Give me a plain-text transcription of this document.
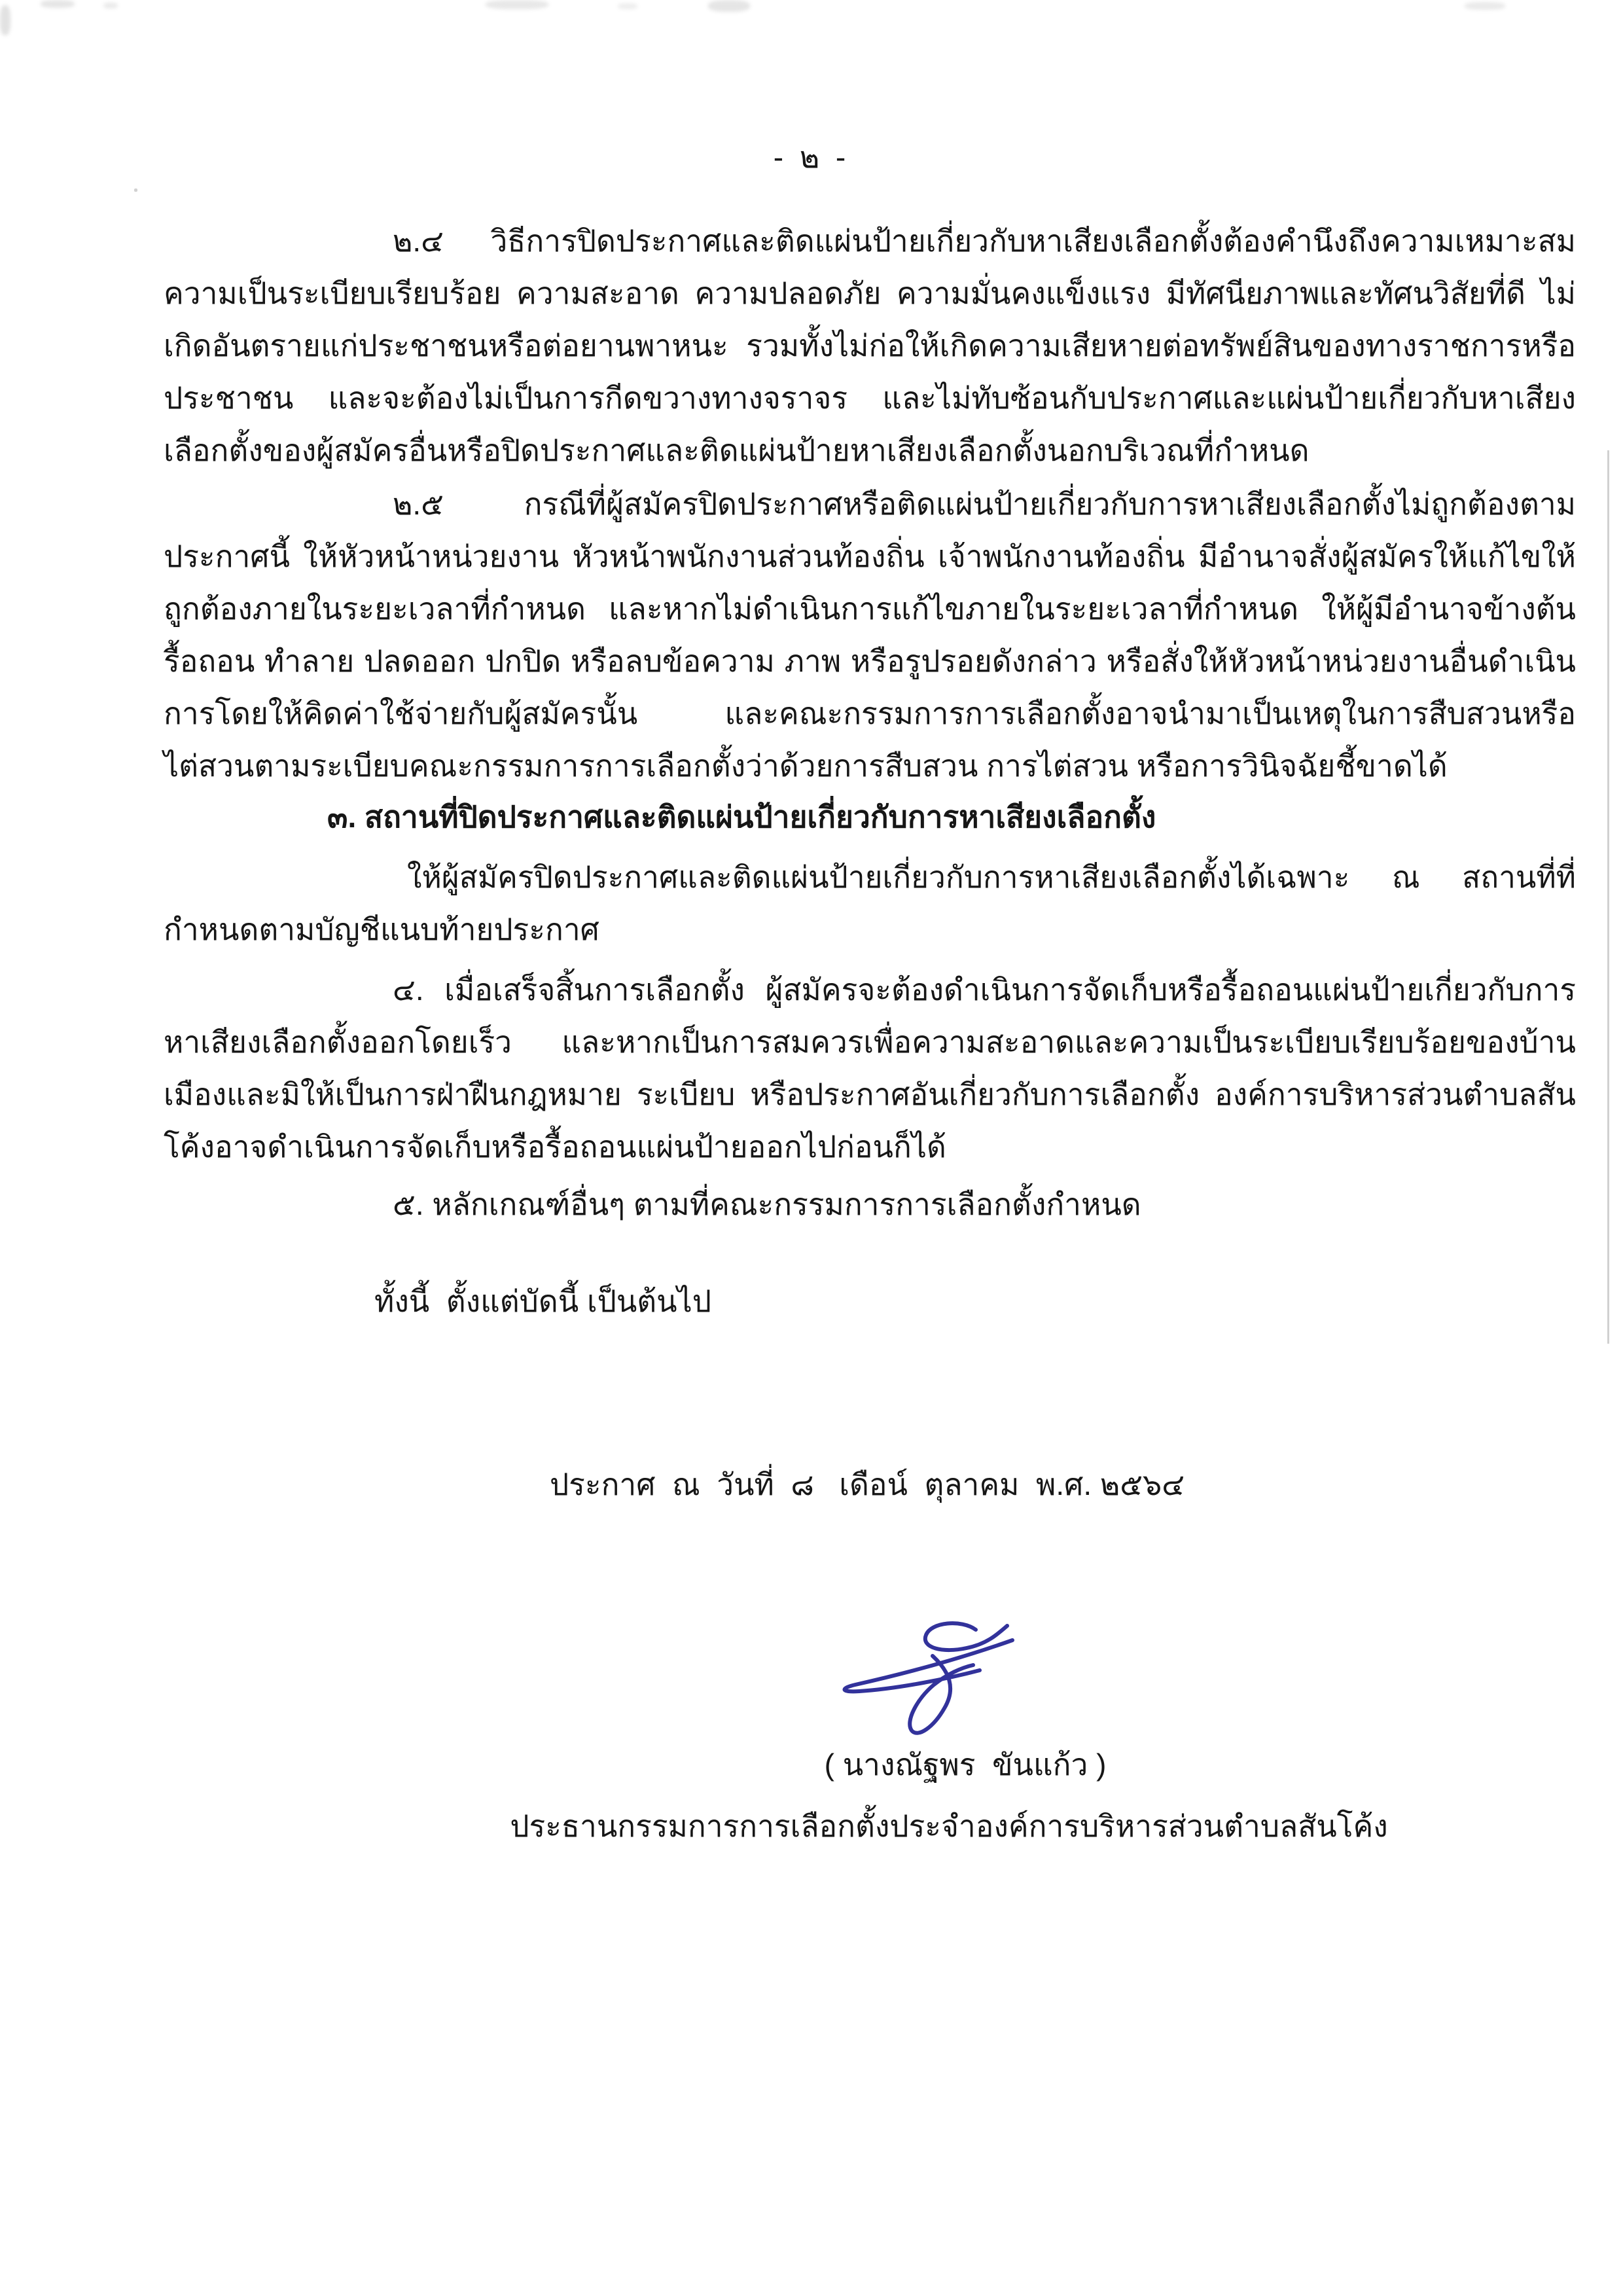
- ๒ -
๒.๔ วิธีการปิดประกาศและติดแผ่นป้ายเกี่ยวกับหาเสียงเลือกตั้งต้องคำนึงถึงความเหมาะสม ความเป็นระเบียบเรียบร้อย ความสะอาด ความปลอดภัย ความมั่นคงแข็งแรง มีทัศนียภาพและทัศนวิสัยที่ดี ไม่เกิดอันตรายแก่ประชาชนหรือต่อยานพาหนะ รวมทั้งไม่ก่อให้เกิดความเสียหายต่อทรัพย์สินของทางราชการหรือประชาชน และจะต้องไม่เป็นการกีดขวางทางจราจร และไม่ทับซ้อนกับประกาศและแผ่นป้ายเกี่ยวกับหาเสียงเลือกตั้งของผู้สมัครอื่นหรือปิดประกาศและติดแผ่นป้ายหาเสียงเลือกตั้งนอกบริเวณที่กำหนด
๒.๕ กรณีที่ผู้สมัครปิดประกาศหรือติดแผ่นป้ายเกี่ยวกับการหาเสียงเลือกตั้งไม่ถูกต้องตามประกาศนี้ ให้หัวหน้าหน่วยงาน หัวหน้าพนักงานส่วนท้องถิ่น เจ้าพนักงานท้องถิ่น มีอำนาจสั่งผู้สมัครให้แก้ไขให้ถูกต้องภายในระยะเวลาที่กำหนด และหากไม่ดำเนินการแก้ไขภายในระยะเวลาที่กำหนด ให้ผู้มีอำนาจข้างต้นรื้อถอน ทำลาย ปลดออก ปกปิด หรือลบข้อความ ภาพ หรือรูปรอยดังกล่าว หรือสั่งให้หัวหน้าหน่วยงานอื่นดำเนินการโดยให้คิดค่าใช้จ่ายกับผู้สมัครนั้น และคณะกรรมการการเลือกตั้งอาจนำมาเป็นเหตุในการสืบสวนหรือไต่สวนตามระเบียบคณะกรรมการการเลือกตั้งว่าด้วยการสืบสวน การไต่สวน หรือการวินิจฉัยชี้ขาดได้
๓. สถานที่ปิดประกาศและติดแผ่นป้ายเกี่ยวกับการหาเสียงเลือกตั้ง
ให้ผู้สมัครปิดประกาศและติดแผ่นป้ายเกี่ยวกับการหาเสียงเลือกตั้งได้เฉพาะ ณ สถานที่ที่กำหนดตามบัญชีแนบท้ายประกาศ
๔. เมื่อเสร็จสิ้นการเลือกตั้ง ผู้สมัครจะต้องดำเนินการจัดเก็บหรือรื้อถอนแผ่นป้ายเกี่ยวกับการหาเสียงเลือกตั้งออกโดยเร็ว และหากเป็นการสมควรเพื่อความสะอาดและความเป็นระเบียบเรียบร้อยของบ้านเมืองและมิให้เป็นการฝ่าฝืนกฎหมาย ระเบียบ หรือประกาศอันเกี่ยวกับการเลือกตั้ง องค์การบริหารส่วนตำบลสันโค้งอาจดำเนินการจัดเก็บหรือรื้อถอนแผ่นป้ายออกไปก่อนก็ได้
๕. หลักเกณฑ์อื่นๆ ตามที่คณะกรรมการการเลือกตั้งกำหนด
ทั้งนี้  ตั้งแต่บัดนี้ เป็นต้นไป
ประกาศ  ณ  วันที่  ๘   เดือน์  ตุลาคม  พ.ศ. ๒๕๖๔
( นางณัฐพร  ขันแก้ว )
ประธานกรรมการการเลือกตั้งประจำองค์การบริหารส่วนตำบลสันโค้ง
